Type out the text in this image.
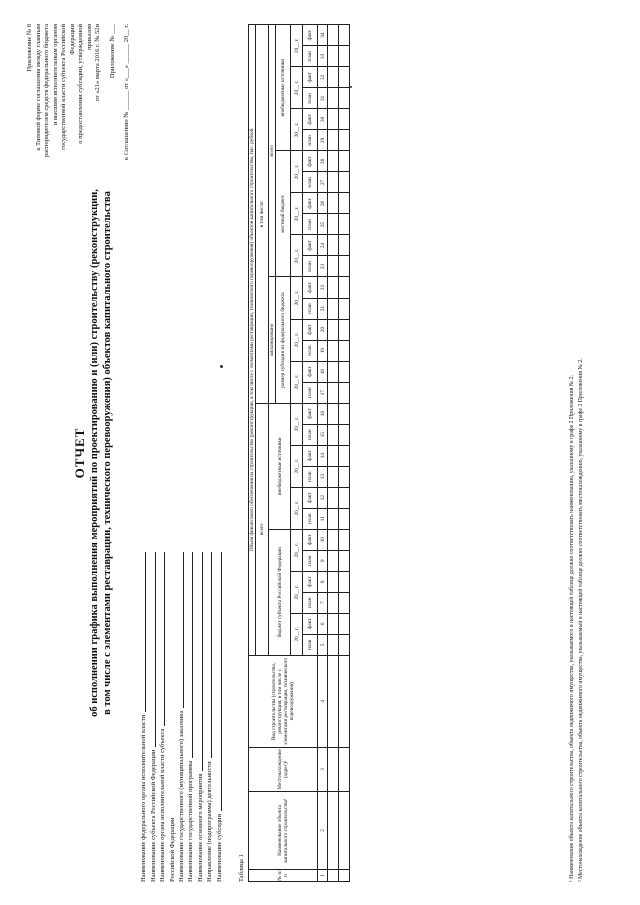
Приложение № 8 к Типовой форме соглашения между главным распорядителем средств федерального бюджета и высшим исполнительным органом государственной власти субъекта Российской Федерации о предоставлении субсидии, утвержденной приказом от «21» марта 2016 г. № 52н Приложение № ___ к Соглашению № ______ от «___» ______ 20__ г.
ОТЧЕТ об исполнении графика выполнения мероприятий по проектированию и (или) строительству (реконструкции, в том числе с элементами реставрации, технического перевооружения) объектов капитального строительства
Наименование федерального органа исполнительной власти Наименование субъекта Российской Федерации Наименование органа исполнительной власти субъекта Российской Федерации Наименование государственного (муниципального) заказчика Наименование государственной программы Наименование основного мероприятия Направление (подпрограмма) деятельности Наименование субсидии Таблица 1	№ п/п	Наименование объекта капитального строительства¹	Местонахождение (адрес)²	Вид строительства (строительство, реконструкция, в том числе с элементами реставрации, технического перевооружения)	Объем финансового обеспечения на строительство (реконструкцию, в том числе с элементами реставрации, технического перевооружения) объектов капитального строительства, тыс. рублей																													
				всего												в том числе:																	
				бюджет субъекта Российской Федерации						внебюджетные источники						запланировано						всего											
																размер субсидии из федерального бюджета						местный бюджет						внебюджетные источники					
				20__ г.		20__ г.		20__ г.		20__ г.		20__ г.		20__ г.		20__ г.		20__ г.		20__ г.		20__ г.		20__ г.		20__ г.		20__ г.		20__ г.		20__ г.	
				план	факт	план	факт	план	факт	план	факт	план	факт	план	факт	план	факт	план	факт	план	факт	план	факт	план	факт	план	факт	план	факт	план	факт	план	факт
1	2	3	4	5	6	7	8	9	10	11	12	13	14	15	16	17	18	19	20	21	22	23	24	25	26	27	28	29	30	31	32	33	34

¹ Наименование объекта капитального строительства, объекта недвижимого имущества, указываемого в настоящей таблице должно соответствовать наименованию, указанному в графе 2 Приложения № 2. ² Местонахождение объекта капитального строительства, объекта недвижимого имущества, указываемый в настоящей таблице должно соответствовать местонахождению, указанному в графе 3 Приложения № 2.
